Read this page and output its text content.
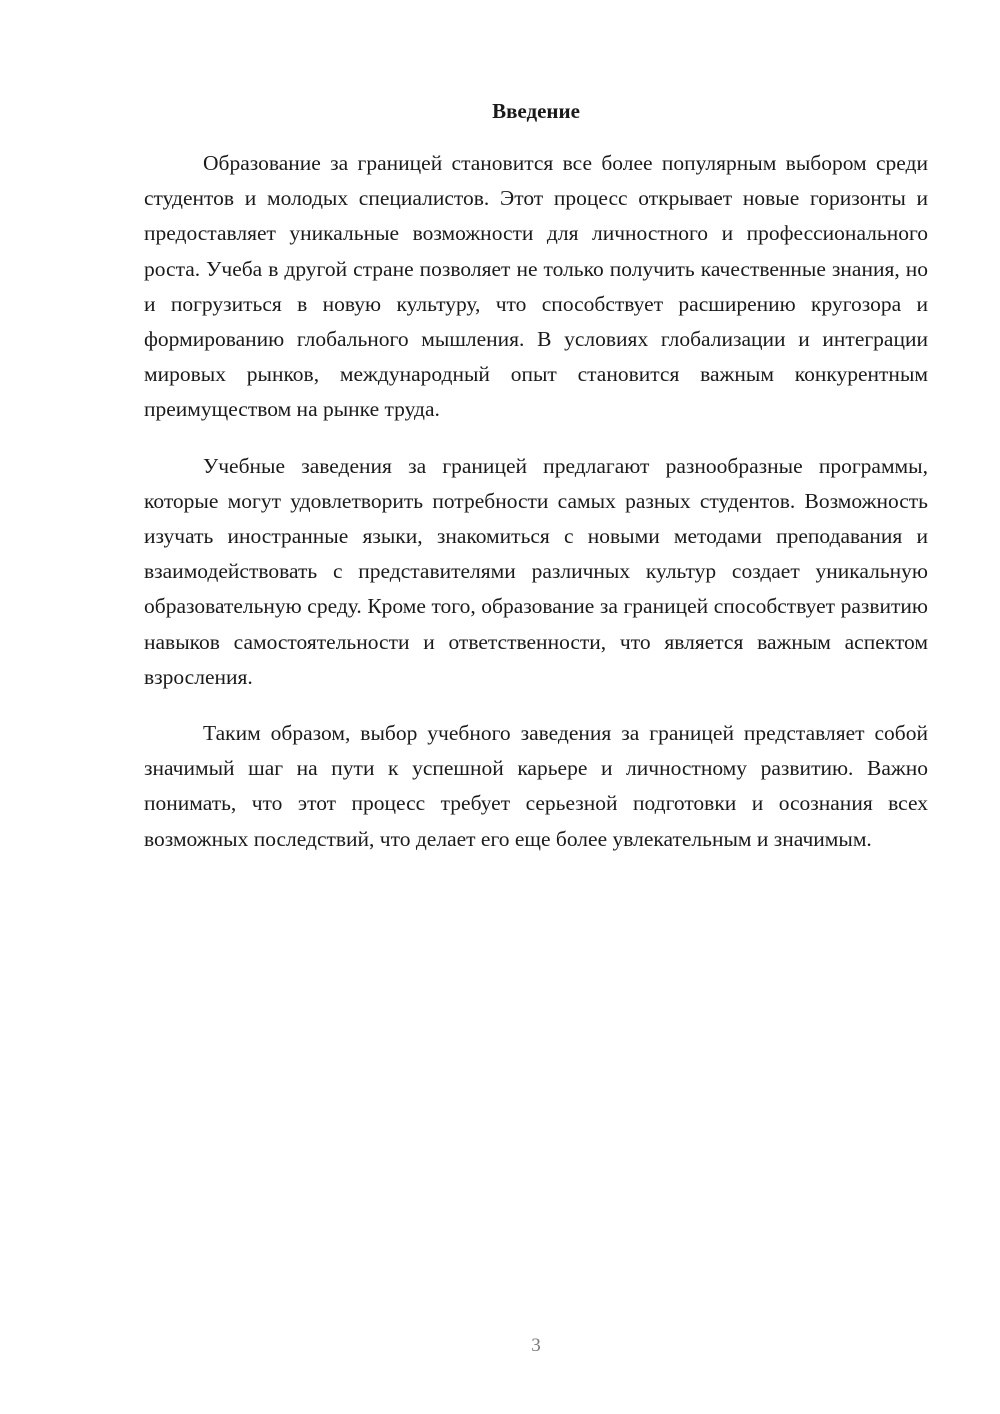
Введение

Образование за границей становится все более популярным выбором среди студентов и молодых специалистов. Этот процесс открывает новые горизонты и предоставляет уникальные возможности для личностного и профессионального роста. Учеба в другой стране позволяет не только получить качественные знания, но и погрузиться в новую культуру, что способствует расширению кругозора и формированию глобального мышления. В условиях глобализации и интеграции мировых рынков, международный опыт становится важным конкурентным преимуществом на рынке труда.

Учебные заведения за границей предлагают разнообразные программы, которые могут удовлетворить потребности самых разных студентов. Возможность изучать иностранные языки, знакомиться с новыми методами преподавания и взаимодействовать с представителями различных культур создает уникальную образовательную среду. Кроме того, образование за границей способствует развитию навыков самостоятельности и ответственности, что является важным аспектом взросления.

Таким образом, выбор учебного заведения за границей представляет собой значимый шаг на пути к успешной карьере и личностному развитию. Важно понимать, что этот процесс требует серьезной подготовки и осознания всех возможных последствий, что делает его еще более увлекательным и значимым.

3
